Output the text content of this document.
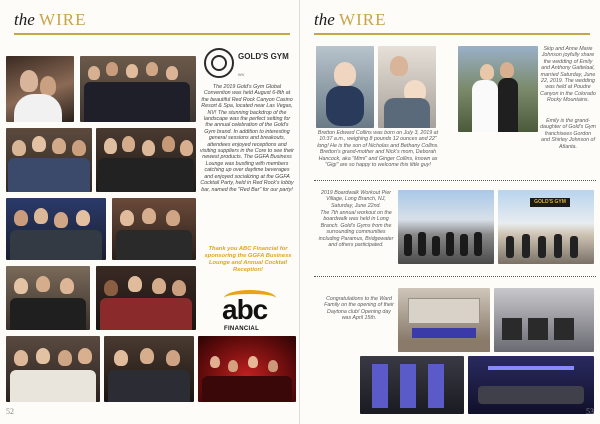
the WIRE
GOLD'S GYM
WV
The 2019 Gold's Gym Global Convention was held August 6-8th at the beautiful Red Rock Canyon Casino Resort & Spa, located near Las Vegas, NV! The stunning backdrop of the landscape was the perfect setting for the annual celebration of the Gold's Gym brand. In addition to interesting general sessions and breakouts, attendees enjoyed receptions and visiting suppliers in the Core to see their newest products. The GGFA Business Lounge was bustling with members catching up over daytime beverages and enjoyed socializing at the GGFA Cocktail Party, held in Red Rock's lobby bar, named the "Red Bar" for our party!
Thank you ABC Financial for sponsoring the GGFA Business Lounge and Annual Cocktail Reception!
abc
FINANCIAL
52
the WIRE
Bretton Edward Collins was born on July 3, 2019 at 10:37 a.m., weighing 8 pounds 12 ounces and 22" long! He is the son of Nicholas and Bethany Collins. Bretton's grand-mother and Nick's mom, Deborah Hancock, aka "Mimi" and Ginger Collins, known as "Gigi" are so happy to welcome this little guy!
Skip and Anne Marie Johnson joyfully share the wedding of Emily and Anthony Gattelaal, married Saturday, June 22, 2019. The wedding was held at Poudre Canyon in the Colorado Rocky Mountains.
Emily is the grand-daughter of Gold's Gym franchisees Gordon and Shirley Johnson of Atlanta.
2019 Boardwalk Workout Pier Village, Long Branch, NJ, Saturday, June 22nd.
The 7th annual workout on the boardwalk was held in Long Branch. Gold's Gyms from the surrounding communities including Paramus, Bridgewater and others participated.
GOLD'S GYM
Congratulations to the Ward Family on the opening of their Daytona club! Opening day was April 15th.
53
